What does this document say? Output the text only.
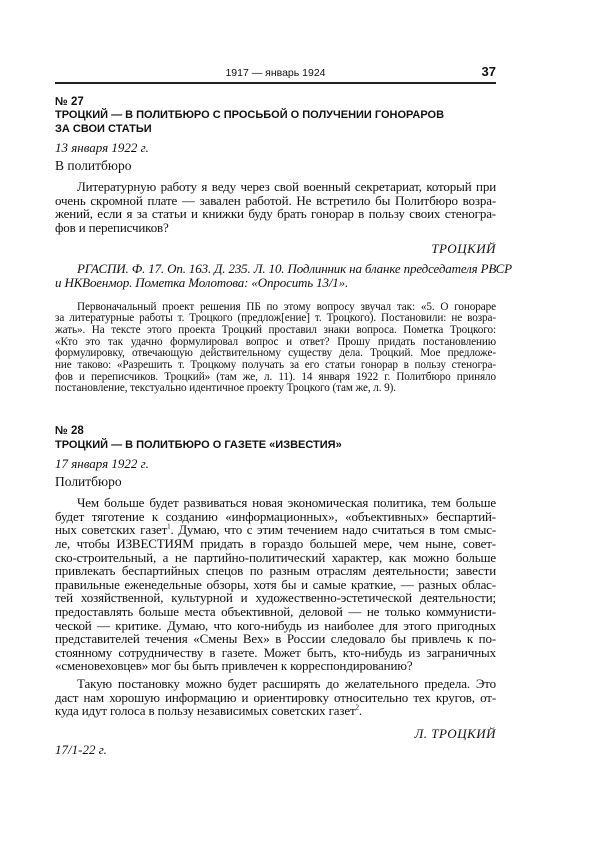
1917 — январь 1924	37
№ 27
ТРОЦКИЙ — В ПОЛИТБЮРО С ПРОСЬБОЙ О ПОЛУЧЕНИИ ГОНОРАРОВ
ЗА СВОИ СТАТЬИ
13 января 1922 г.
В политбюро
Литературную работу я веду через свой военный секретариат, который при
очень скромной плате — завален работой. Не встретило бы Политбюро возра-
жений, если я за статьи и книжки буду брать гонорар в пользу своих стеногра-
фов и переписчиков?
ТРОЦКИЙ
РГАСПИ. Ф. 17. Оп. 163. Д. 235. Л. 10. Подлинник на бланке председателя РВСР
и НКВоенмор. Пометка Молотова: «Опросить 13/1».
Первоначальный проект решения ПБ по этому вопросу звучал так: «5. О гонораре
за литературные работы т. Троцкого (предлож[ение] т. Троцкого). Постановили: не возра-
жать». На тексте этого проекта Троцкий проставил знаки вопроса. Пометка Троцкого:
«Кто это так удачно формулировал вопрос и ответ? Прошу придать постановлению
формулировку, отвечающую действительному существу дела. Троцкий. Мое предложе-
ние таково: «Разрешить т. Троцкому получать за его статьи гонорар в пользу стеногра-
фов и переписчиков. Троцкий» (там же, л. 11). 14 января 1922 г. Политбюро приняло
постановление, текстуально идентичное проекту Троцкого (там же, л. 9).
№ 28
ТРОЦКИЙ — В ПОЛИТБЮРО О ГАЗЕТЕ «ИЗВЕСТИЯ»
17 января 1922 г.
Политбюро
Чем больше будет развиваться новая экономическая политика, тем больше
будет тяготение к созданию «информационных», «объективных» беспартий-
ных советских газет$^1$. Думаю, что с этим течением надо считаться в том смыс-
ле, чтобы ИЗВЕСТИЯМ придать в гораздо большей мере, чем ныне, совет-
ско-строительный, а не партийно-политический характер, как можно больше
привлекать беспартийных спецов по разным отраслям деятельности; завести
правильные еженедельные обзоры, хотя бы и самые краткие, — разных облас-
тей хозяйственной, культурной и художественно-эстетической деятельности;
предоставлять больше места объективной, деловой — не только коммунисти-
ческой — критике. Думаю, что кого-нибудь из наиболее для этого пригодных
представителей течения «Смены Вех» в России следовало бы привлечь к по-
стоянному сотрудничеству в газете. Может быть, кто-нибудь из заграничных
«сменовеховцев» мог бы быть привлечен к корреспондированию?
Такую постановку можно будет расширять до желательного предела. Это
даст нам хорошую информацию и ориентировку относительно тех кругов, от-
куда идут голоса в пользу независимых советских газет$^2$.
Л. ТРОЦКИЙ
17/1-22 г.
